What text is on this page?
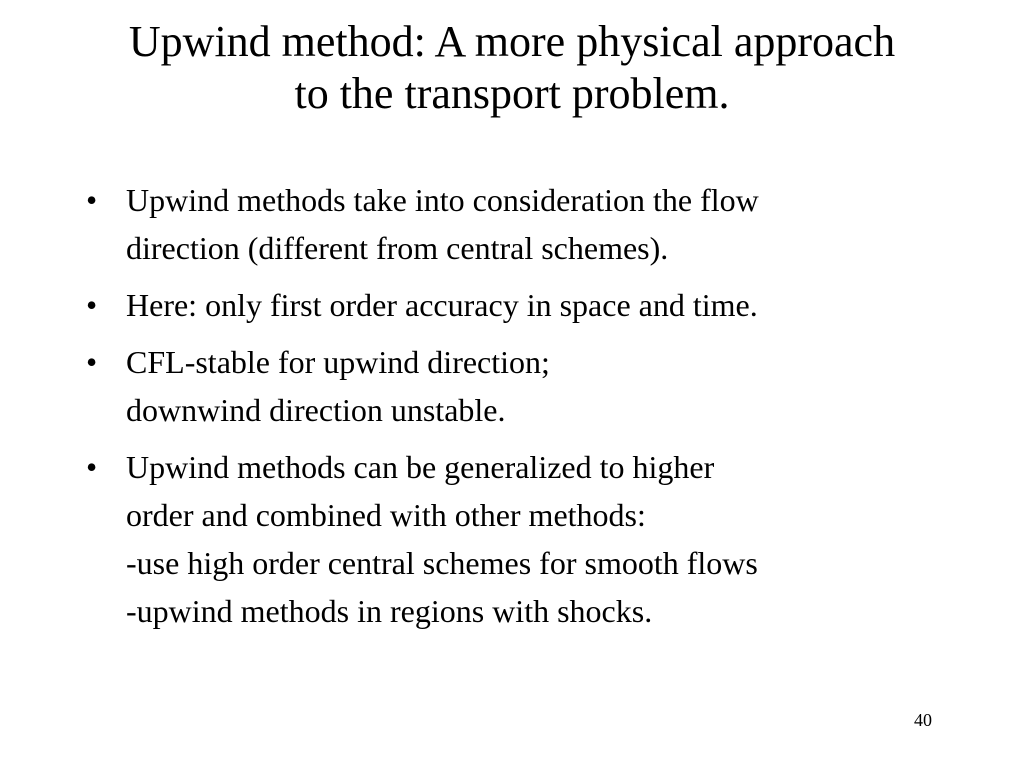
Upwind method: A more physical approach
to the transport problem.
• Upwind methods take into consideration the flow
direction (different from central schemes).
• Here: only first order accuracy in space and time.
• CFL-stable for upwind direction;
downwind direction unstable.
• Upwind methods can be generalized to higher
order and combined with other methods:
-use high order central schemes for smooth flows
-upwind methods in regions with shocks.
40
